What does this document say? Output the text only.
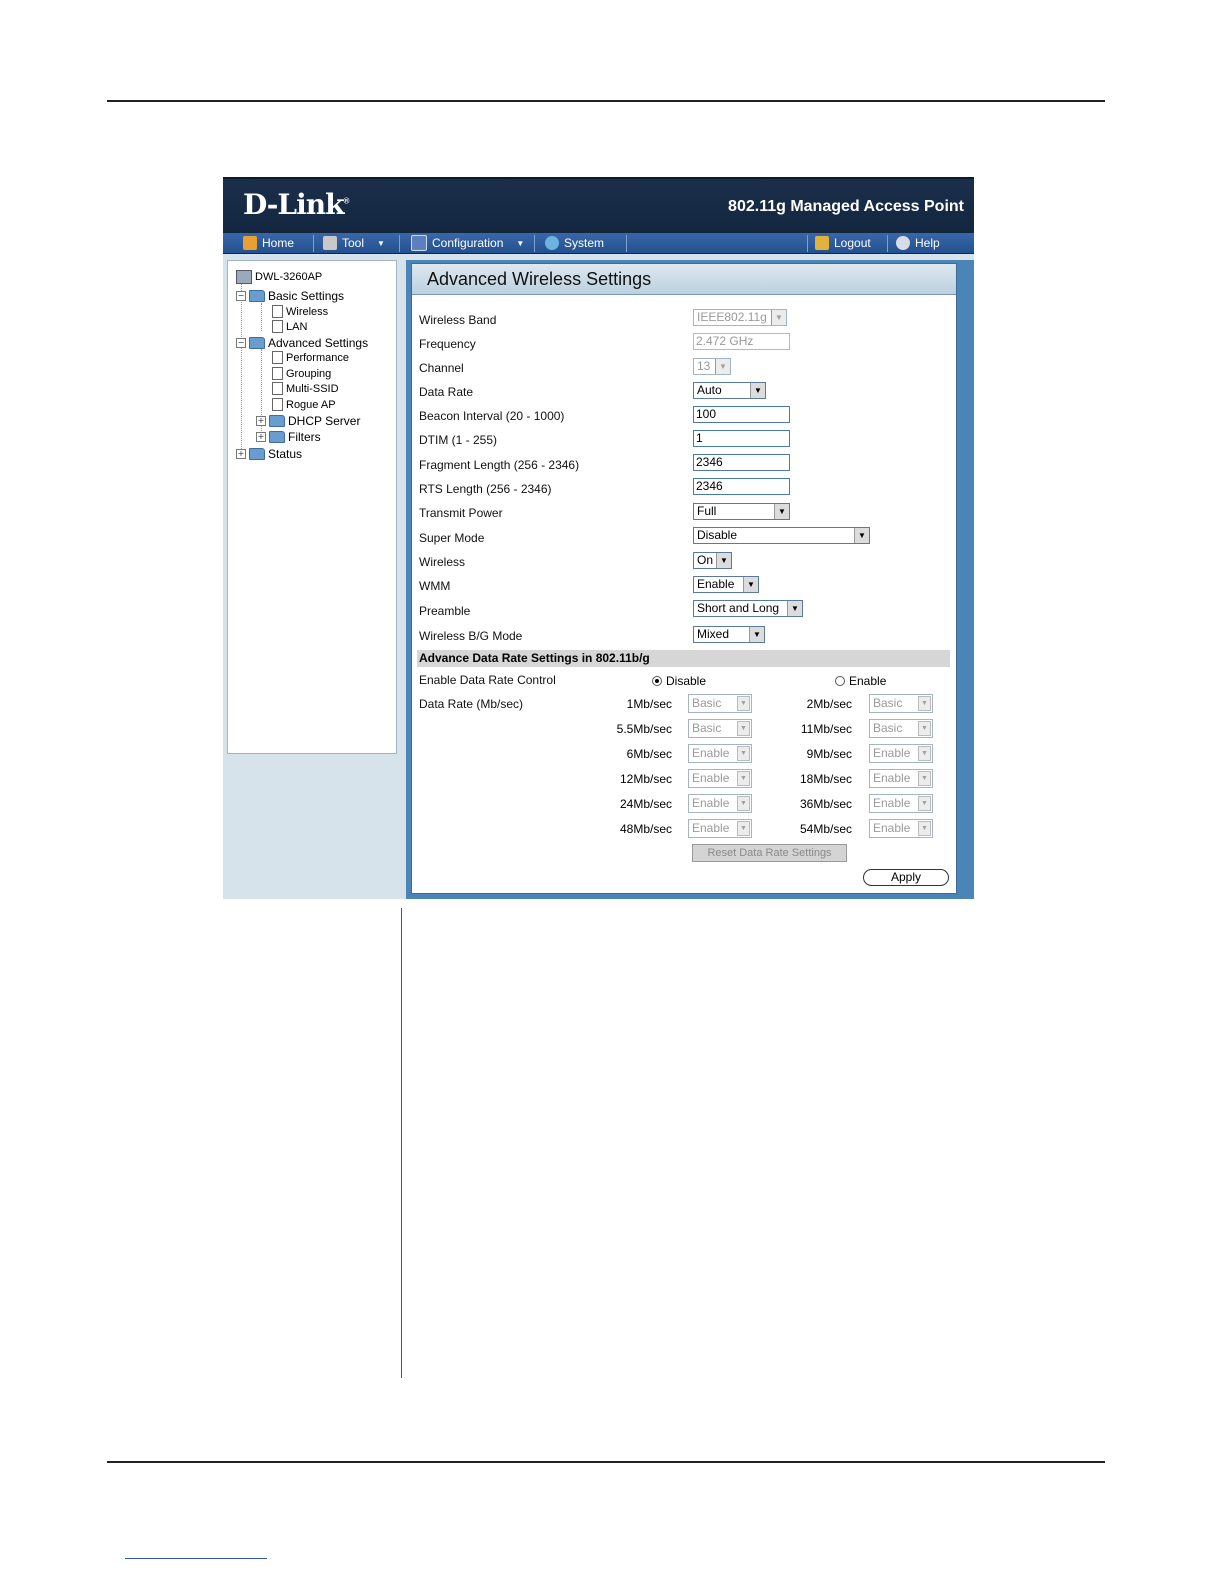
D-Link®	802.11g Managed Access Point
Home	Tool ▼	Configuration ▼	System	Logout	Help
DWL-3260AP
− Basic Settings
Wireless
LAN
− Advanced Settings
Performance
Grouping
Multi-SSID
Rogue AP
+ DHCP Server
+ Filters
+ Status
Advanced Wireless Settings
Wireless Band	IEEE802.11g	▼
Frequency	2.472 GHz
Channel	13	▼
Data Rate	Auto	▼
Beacon Interval (20 - 1000)	100
DTIM (1 - 255)	1
Fragment Length (256 - 2346)	2346
RTS Length (256 - 2346)	2346
Transmit Power	Full	▼
Super Mode	Disable	▼
Wireless	On ▼
WMM	Enable	▼
Preamble	Short and Long	▼
Wireless B/G Mode	Mixed	▼
Advance Data Rate Settings in 802.11b/g
Enable Data Rate Control	Disable	Enable
Data Rate (Mb/sec)	1Mb/sec	Basic	▼	2Mb/sec	Basic	▼
5.5Mb/sec	Basic	▼	11Mb/sec	Basic	▼
6Mb/sec	Enable	▼	9Mb/sec	Enable	▼
12Mb/sec	Enable	▼	18Mb/sec	Enable	▼
24Mb/sec	Enable	▼	36Mb/sec	Enable	▼
48Mb/sec	Enable	▼	54Mb/sec	Enable	▼
Reset Data Rate Settings
Apply
